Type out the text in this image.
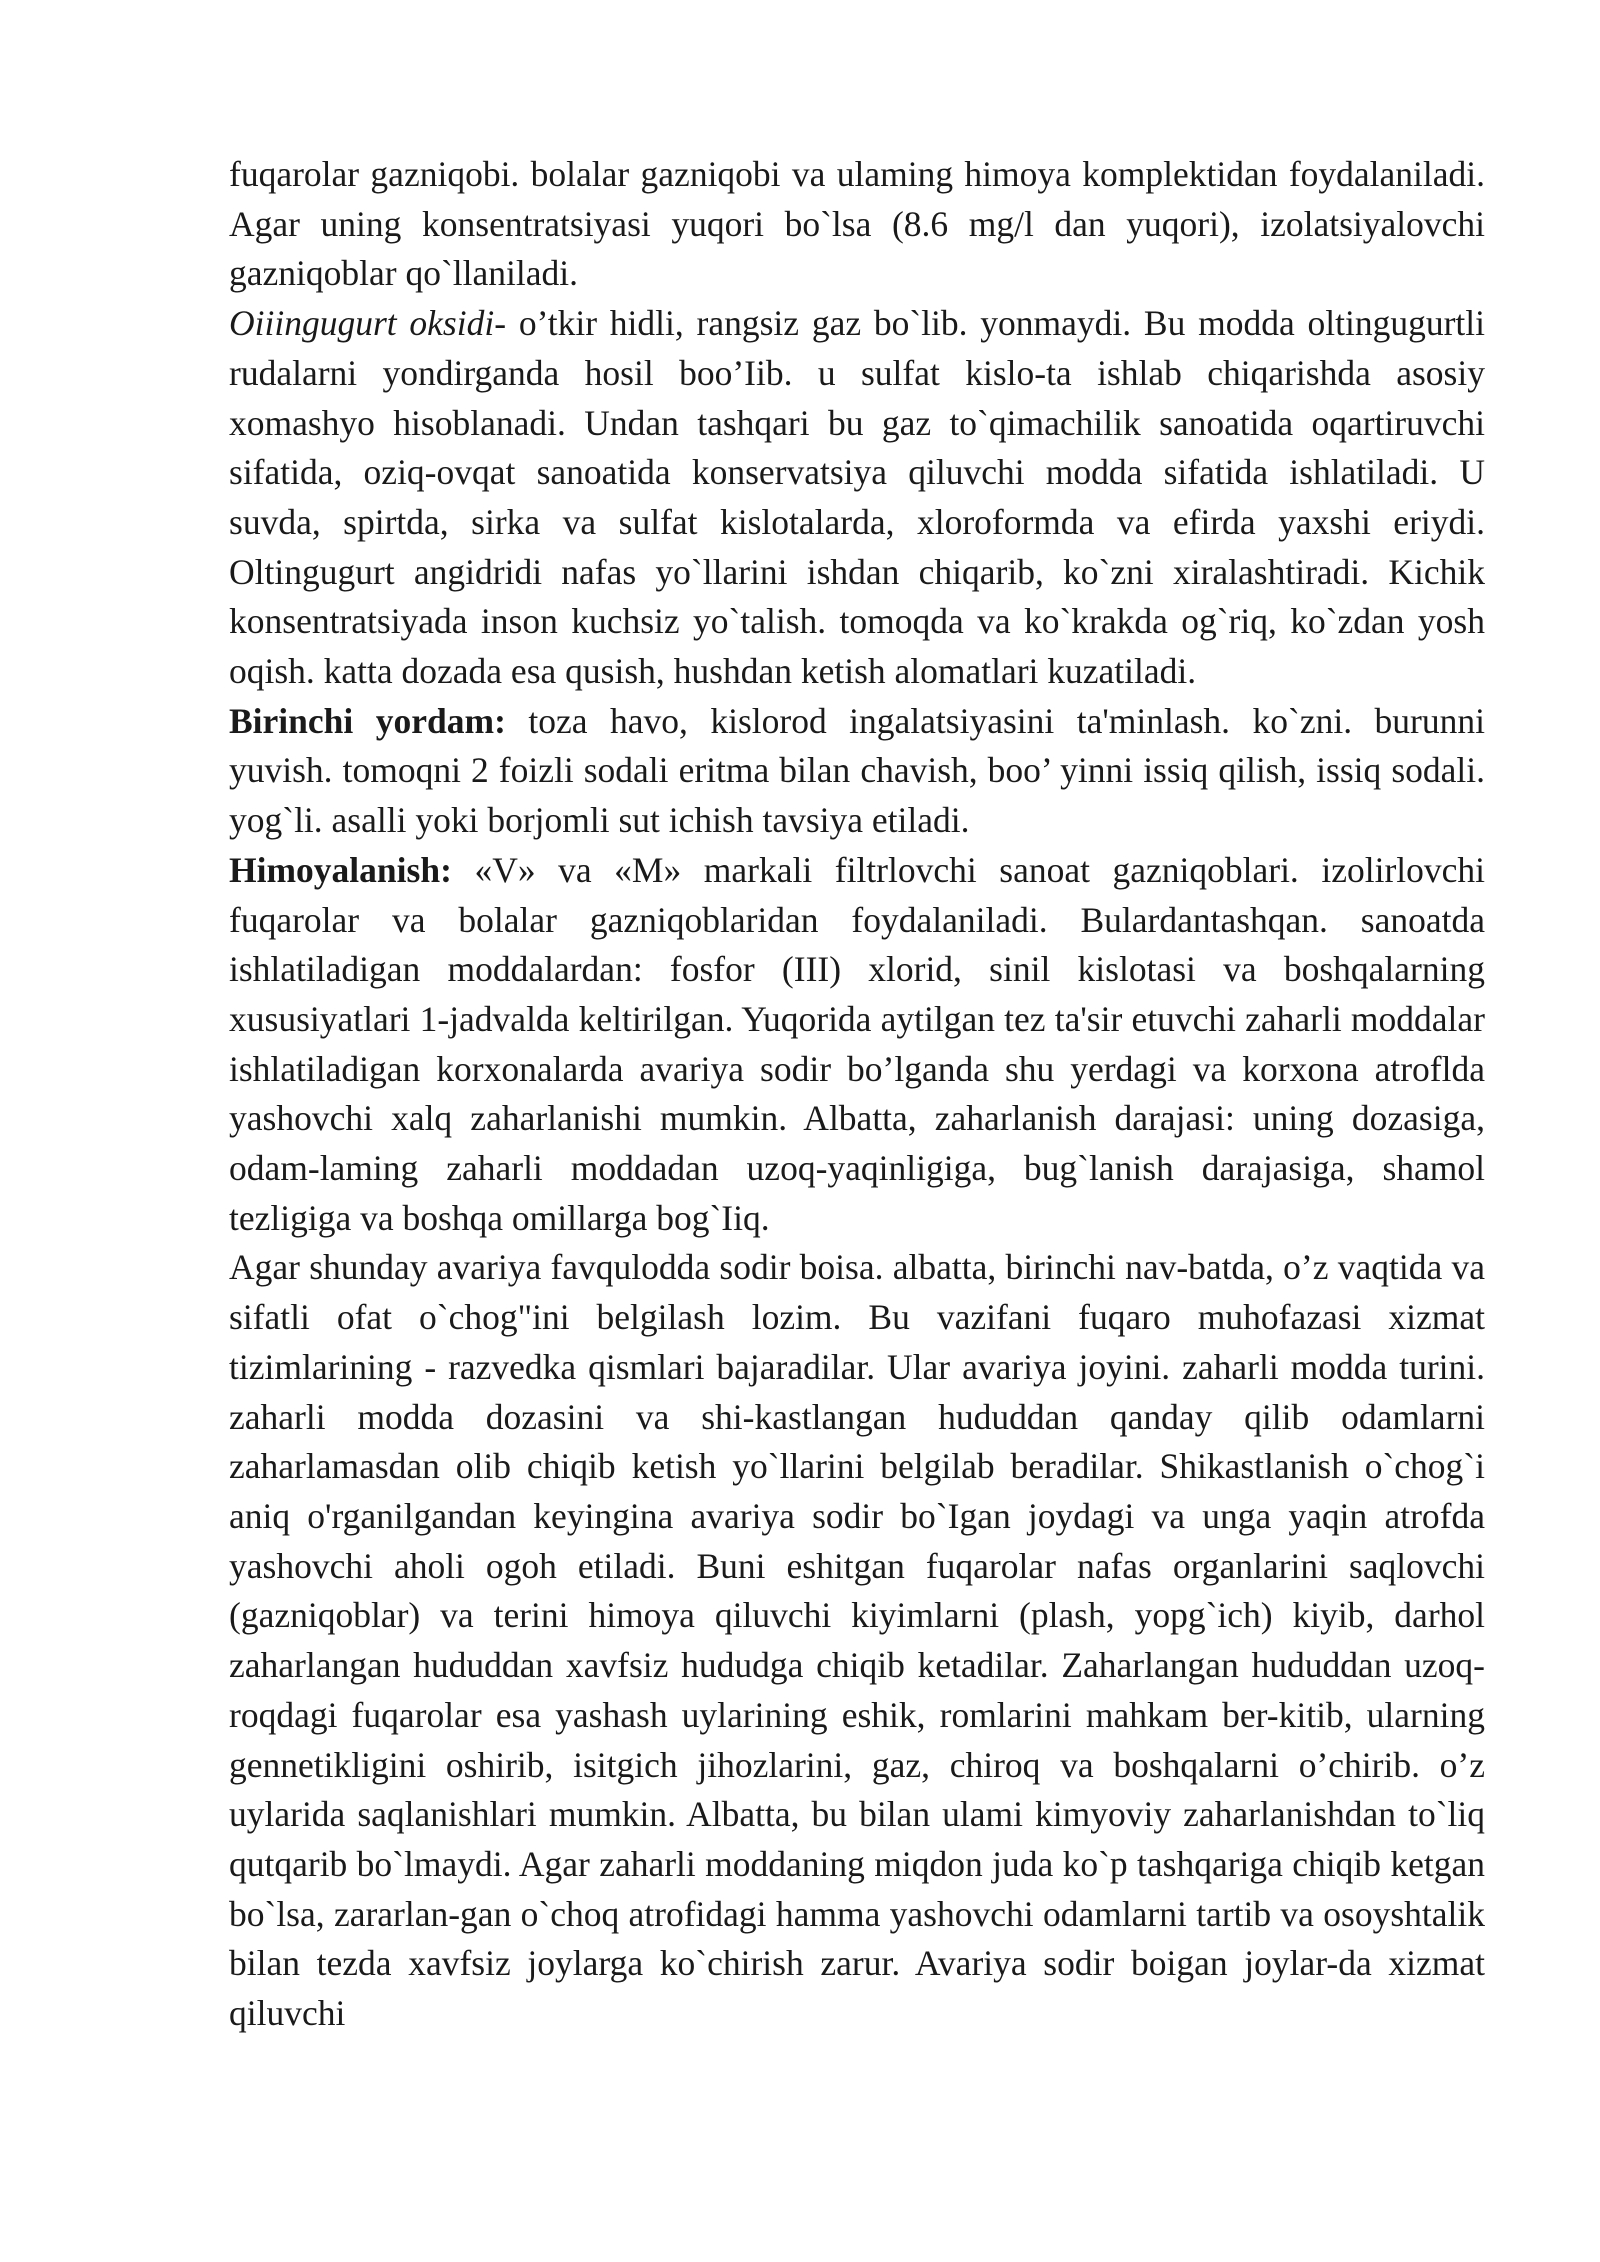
fuqarolar gazniqobi. bolalar gazniqobi va ulaming himoya komplektidan foydalaniladi. Agar uning konsentratsiyasi yuqori bo`lsa (8.6 mg/l dan yuqori), izolatsiyalovchi gazniqoblar qo`llaniladi.

Oiiingugurt oksidi- o’tkir hidli, rangsiz gaz bo`lib. yonmaydi. Bu modda oltingugurtli rudalarni yondirganda hosil boo’Iib. u sulfat kislo-ta ishlab chiqarishda asosiy xomashyo hisoblanadi. Undan tashqari bu gaz to`qimachilik sanoatida oqartiruvchi sifatida, oziq-ovqat sanoatida konservatsiya qiluvchi modda sifatida ishlatiladi. U suvda, spirtda, sirka va sulfat kislotalarda, xloroformda va efirda yaxshi eriydi. Oltingugurt angidridi nafas yo`llarini ishdan chiqarib, ko`zni xiralashtiradi. Kichik konsentratsiyada inson kuchsiz yo`talish. tomoqda va ko`krakda og`riq, ko`zdan yosh oqish. katta dozada esa qusish, hushdan ketish alomatlari kuzatiladi.

Birinchi yordam: toza havo, kislorod ingalatsiyasini ta'minlash. ko`zni. burunni yuvish. tomoqni 2 foizli sodali eritma bilan chavish, boo’ yinni issiq qilish, issiq sodali. yog`li. asalli yoki borjomli sut ichish tavsiya etiladi.

Himoyalanish: «V» va «M» markali filtrlovchi sanoat gazniqoblari. izolirlovchi fuqarolar va bolalar gazniqoblaridan foydalaniladi. Bulardantashqan. sanoatda ishlatiladigan moddalardan: fosfor (III) xlorid, sinil kislotasi va boshqalarning xususiyatlari 1-jadvalda keltirilgan. Yuqorida aytilgan tez ta'sir etuvchi zaharli moddalar ishlatiladigan korxonalarda avariya sodir bo’lganda shu yerdagi va korxona atroflda yashovchi xalq zaharlanishi mumkin. Albatta, zaharlanish darajasi: uning dozasiga, odam-laming zaharli moddadan uzoq-yaqinligiga, bug`lanish darajasiga, shamol tezligiga va boshqa omillarga bog`Iiq.

Agar shunday avariya favqulodda sodir boisa. albatta, birinchi nav-batda, o’z vaqtida va sifatli ofat o`chog"ini belgilash lozim. Bu vazifani fuqaro muhofazasi xizmat tizimlarining - razvedka qismlari bajaradilar. Ular avariya joyini. zaharli modda turini. zaharli modda dozasini va shi-kastlangan hududdan qanday qilib odamlarni zaharlamasdan olib chiqib ketish yo`llarini belgilab beradilar. Shikastlanish o`chog`i aniq o'rganilgandan keyingina avariya sodir bo`Igan joydagi va unga yaqin atrofda yashovchi aholi ogoh etiladi. Buni eshitgan fuqarolar nafas organlarini saqlovchi (gazniqoblar) va terini himoya qiluvchi kiyimlarni (plash, yopg`ich) kiyib, darhol zaharlangan hududdan xavfsiz hududga chiqib ketadilar. Zaharlangan hududdan uzoq-roqdagi fuqarolar esa yashash uylarining eshik, romlarini mahkam ber-kitib, ularning gennetikligini oshirib, isitgich jihozlarini, gaz, chiroq va boshqalarni o’chirib. o’z uylarida saqlanishlari mumkin. Albatta, bu bilan ulami kimyoviy zaharlanishdan to`liq qutqarib bo`lmaydi. Agar zaharli moddaning miqdon juda ko`p tashqariga chiqib ketgan bo`lsa, zararlan-gan o`choq atrofidagi hamma yashovchi odamlarni tartib va osoyshtalik bilan tezda xavfsiz joylarga ko`chirish zarur. Avariya sodir boigan joylar-da xizmat qiluvchi
